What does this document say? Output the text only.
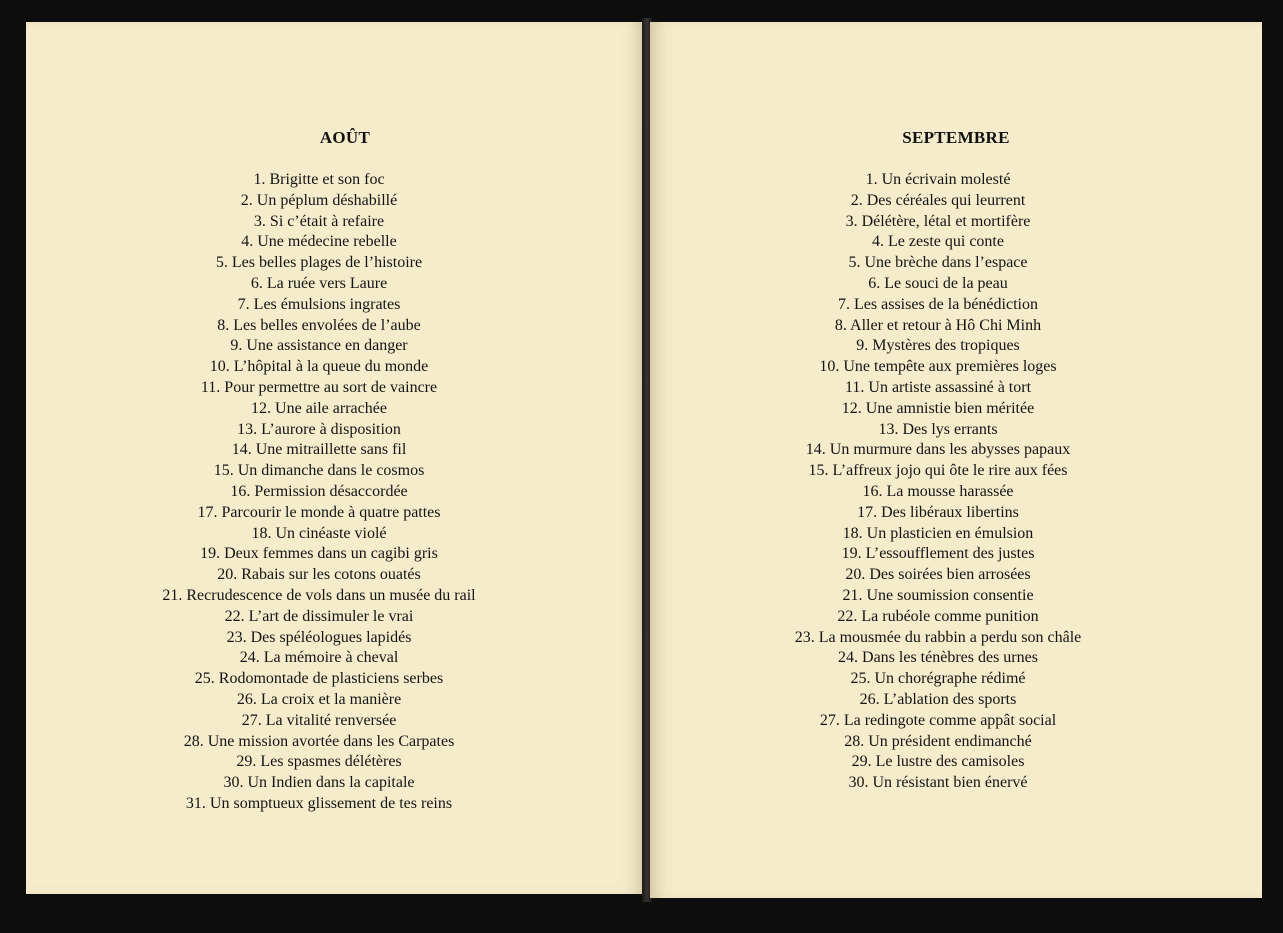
AOÛT
1. Brigitte et son foc
2. Un péplum déshabillé
3. Si c’était à refaire
4. Une médecine rebelle
5. Les belles plages de l’histoire
6. La ruée vers Laure
7. Les émulsions ingrates
8. Les belles envolées de l’aube
9. Une assistance en danger
10. L’hôpital à la queue du monde
11. Pour permettre au sort de vaincre
12. Une aile arrachée
13. L’aurore à disposition
14. Une mitraillette sans fil
15. Un dimanche dans le cosmos
16. Permission désaccordée
17. Parcourir le monde à quatre pattes
18. Un cinéaste violé
19. Deux femmes dans un cagibi gris
20. Rabais sur les cotons ouatés
21. Recrudescence de vols dans un musée du rail
22. L’art de dissimuler le vrai
23. Des spéléologues lapidés
24. La mémoire à cheval
25. Rodomontade de plasticiens serbes
26. La croix et la manière
27. La vitalité renversée
28. Une mission avortée dans les Carpates
29. Les spasmes délétères
30. Un Indien dans la capitale
31. Un somptueux glissement de tes reins
SEPTEMBRE
1. Un écrivain molesté
2. Des céréales qui leurrent
3. Délétère, létal et mortifère
4. Le zeste qui conte
5. Une brèche dans l’espace
6. Le souci de la peau
7. Les assises de la bénédiction
8. Aller et retour à Hô Chi Minh
9. Mystères des tropiques
10. Une tempête aux premières loges
11. Un artiste assassiné à tort
12. Une amnistie bien méritée
13. Des lys errants
14. Un murmure dans les abysses papaux
15. L’affreux jojo qui ôte le rire aux fées
16. La mousse harassée
17. Des libéraux libertins
18. Un plasticien en émulsion
19. L’essoufflement des justes
20. Des soirées bien arrosées
21. Une soumission consentie
22. La rubéole comme punition
23. La mousmée du rabbin a perdu son châle
24. Dans les ténèbres des urnes
25. Un chorégraphe rédimé
26. L’ablation des sports
27. La redingote comme appât social
28. Un président endimanché
29. Le lustre des camisoles
30. Un résistant bien énervé
